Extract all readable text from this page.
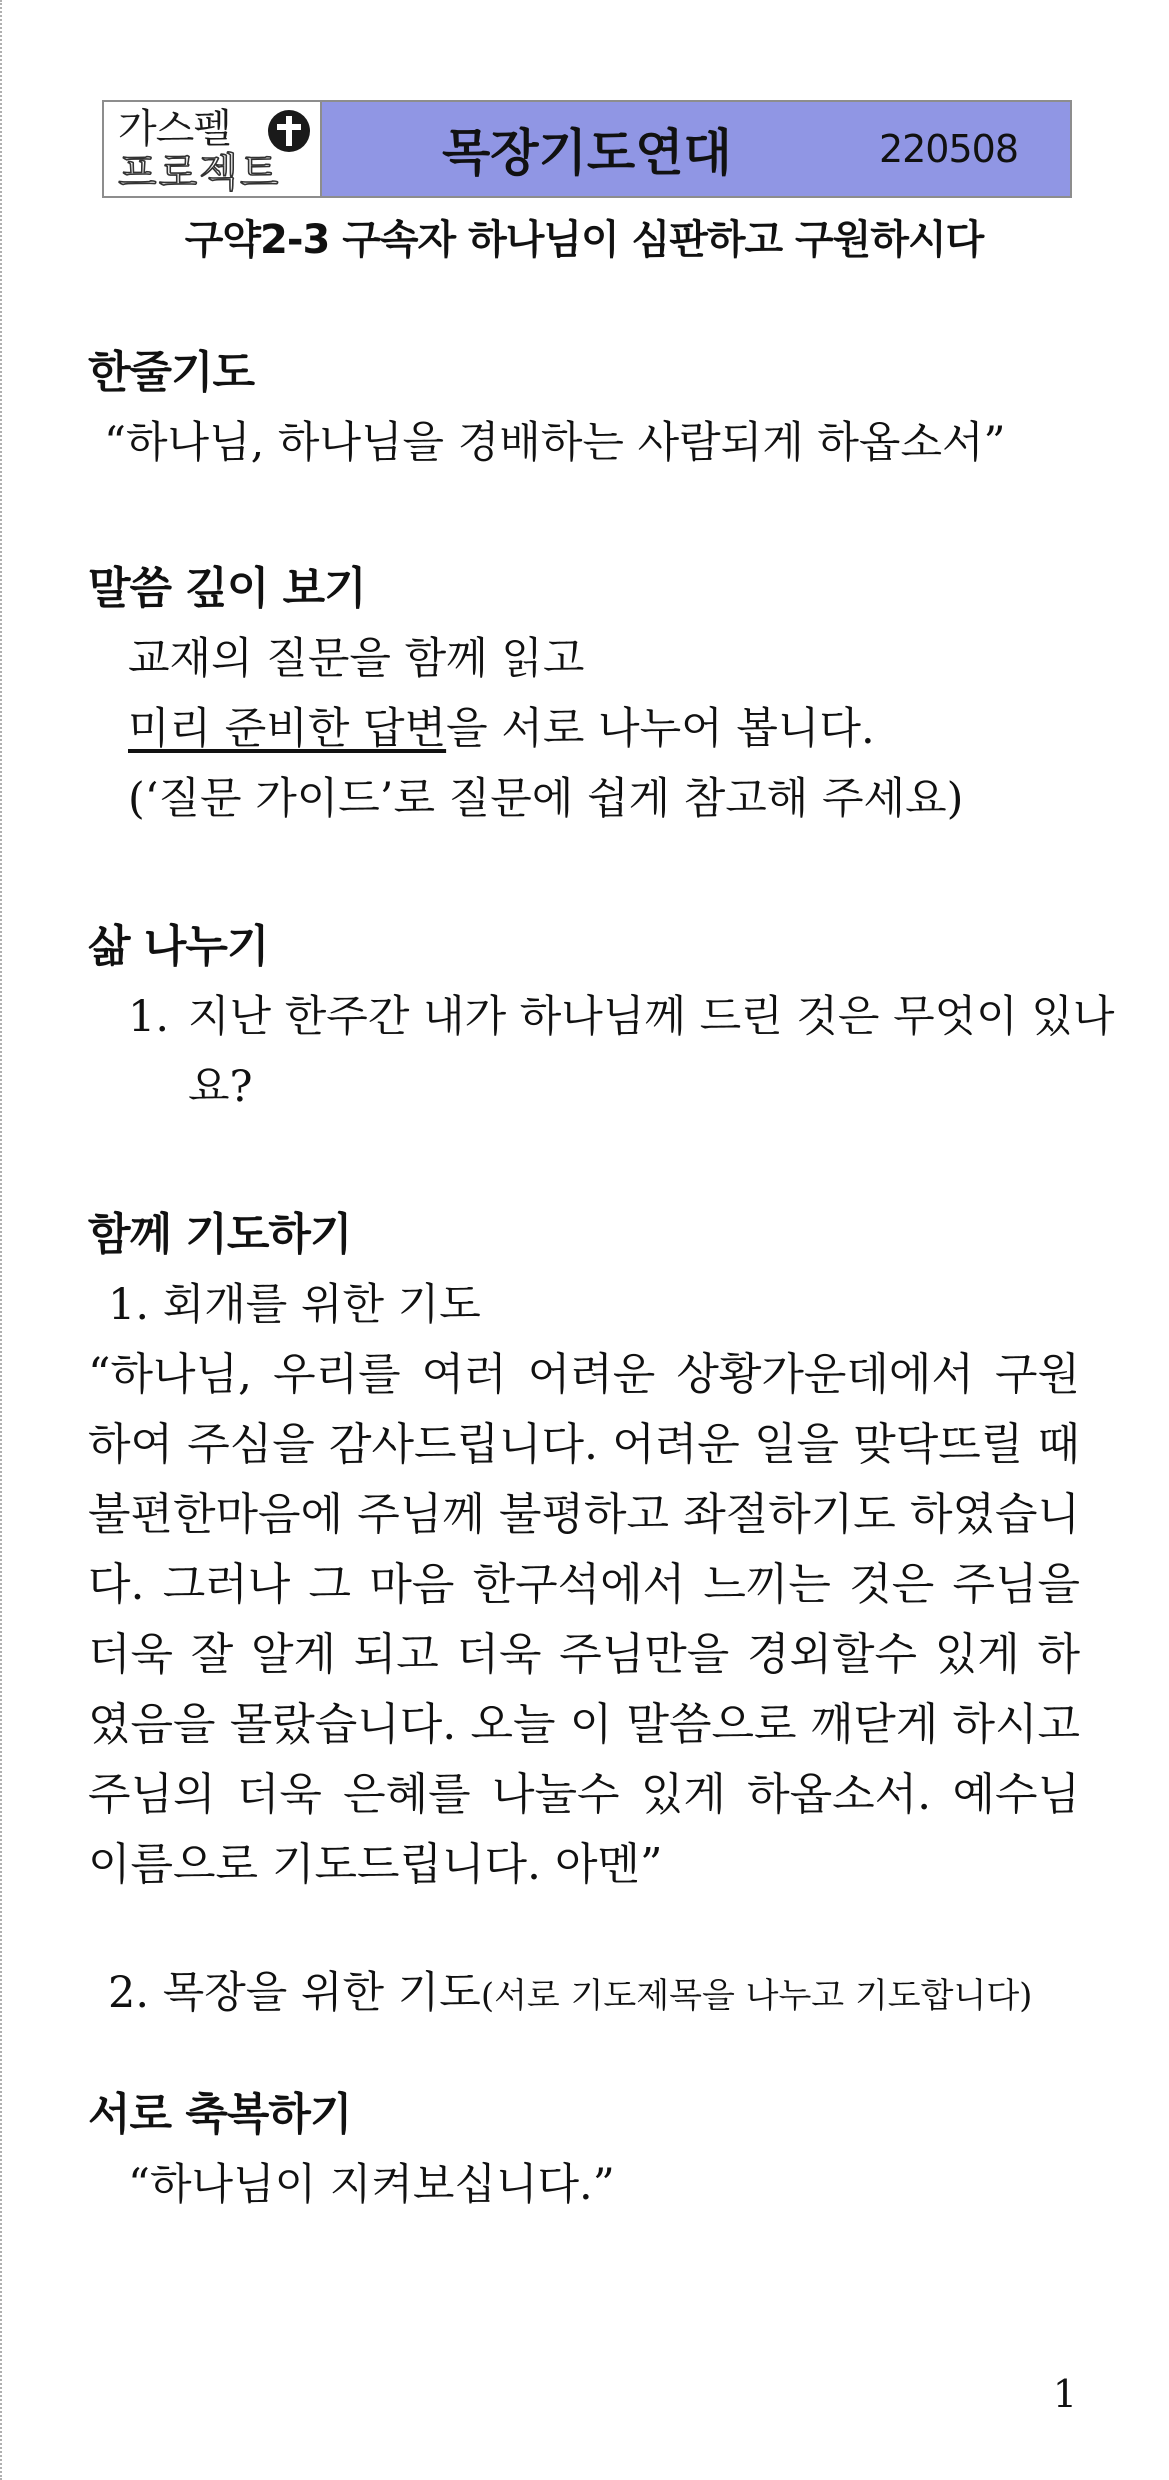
가스펠
프로젝트	목장기도연대	220508
구약2-3 구속자 하나님이 심판하고 구원하시다
한줄기도
“하나님, 하나님을 경배하는 사람되게 하옵소서”
말씀 깊이 보기
교재의 질문을 함께 읽고
미리 준비한 답변을 서로 나누어 봅니다.
(‘질문 가이드’로 질문에 쉽게 참고해 주세요)
삶 나누기
1. 지난 한주간 내가 하나님께 드린 것은 무엇이 있나
요?
함께 기도하기
1. 회개를 위한 기도
“하나님, 우리를 여러 어려운 상황가운데에서 구원하여 주심을 감사드립니다. 어려운 일을 맞닥뜨릴 때 불편한마음에 주님께 불평하고 좌절하기도 하였습니다. 그러나 그 마음 한구석에서 느끼는 것은 주님을 더욱 잘 알게 되고 더욱 주님만을 경외할수 있게 하였음을 몰랐습니다. 오늘 이 말씀으로 깨닫게 하시고 주님의 더욱 은혜를 나눌수 있게 하옵소서. 예수님 이름으로 기도드립니다. 아멘”
2. 목장을 위한 기도(서로 기도제목을 나누고 기도합니다)
서로 축복하기
“하나님이 지켜보십니다.”
1
